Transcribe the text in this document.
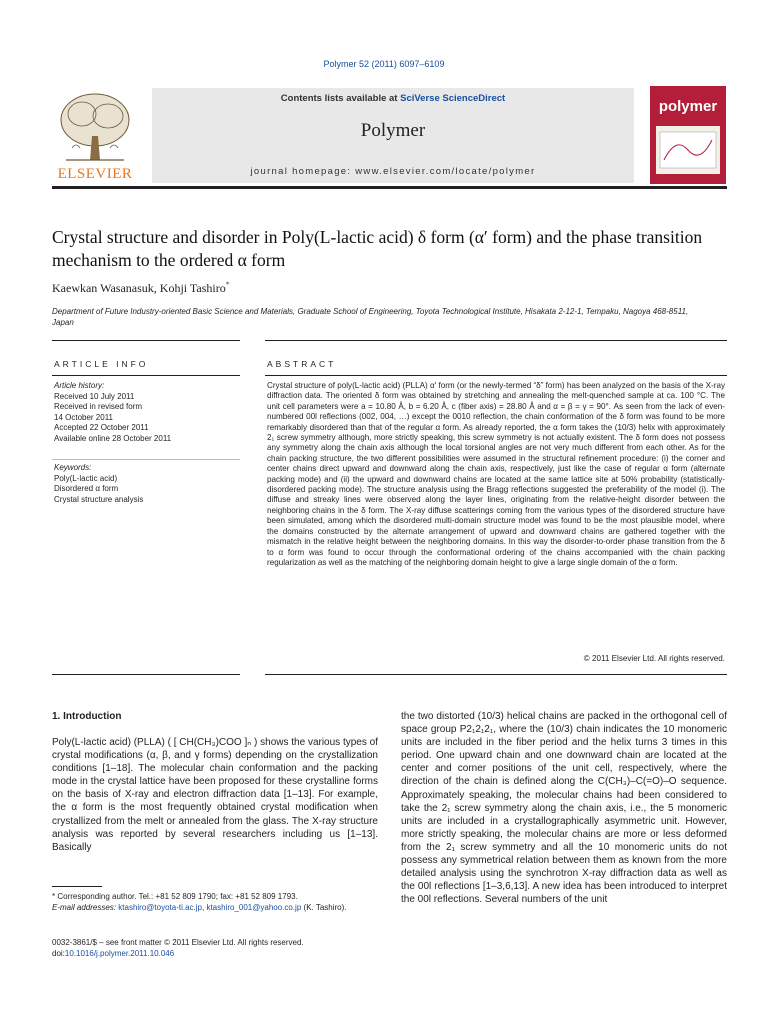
Polymer 52 (2011) 6097–6109
ELSEVIER
Contents lists available at SciVerse ScienceDirect
Polymer
journal homepage: www.elsevier.com/locate/polymer
polymer
Crystal structure and disorder in Poly(L-lactic acid) δ form (α′ form) and the phase transition mechanism to the ordered α form
Kaewkan Wasanasuk, Kohji Tashiro*
Department of Future Industry-oriented Basic Science and Materials, Graduate School of Engineering, Toyota Technological Institute, Hisakata 2-12-1, Tempaku, Nagoya 468-8511, Japan
ARTICLE INFO	ABSTRACT
Article history:
Received 10 July 2011
Received in revised form
14 October 2011
Accepted 22 October 2011
Available online 28 October 2011
Keywords:
Poly(L-lactic acid)
Disordered α form
Crystal structure analysis
Crystal structure of poly(L-lactic acid) (PLLA) α′ form (or the newly-termed “δ” form) has been analyzed on the basis of the X-ray diffraction data. The oriented δ form was obtained by stretching and annealing the melt-quenched sample at ca. 100 °C. The unit cell parameters were a = 10.80 Å, b = 6.20 Å, c (fiber axis) = 28.80 Å and α = β = γ = 90°. As seen from the lack of even-numbered 00l reflections (002, 004, …) except the 0010 reflection, the chain conformation of the δ form was found to be more remarkably disordered than that of the regular α form. As already reported, the α form takes the (10/3) helix with approximately 2₁ screw symmetry although, more strictly speaking, this screw symmetry is not actually existent. The δ form does not possess any symmetry along the chain axis although the local torsional angles are not very much different from each other. As for the chain packing structure, the two different possibilities were assumed in the structural refinement procedure: (i) the corner and center chains direct upward and downward along the chain axis, respectively, just like the case of regular α form (alternate packing mode) and (ii) the upward and downward chains are located at the same lattice site at 50% probability (statistically-disordered packing mode). The structure analysis using the Bragg reflections suggested the preferability of the model (i). The diffuse and streaky lines were observed along the layer lines, originating from the relative-height disorder between the neighboring chains in the δ form. The X-ray diffuse scatterings coming from the various types of the disordered structure have been simulated, among which the disordered multi-domain structure model was found to be the most plausible model, where the domains constructed by the alternate arrangement of upward and downward chains are gathered together with the mismatch in the relative height between the neighboring domains. In this way the disorder-to-order phase transition from the δ to α form was found to occur through the conformational ordering of the chains accompanied with the chain packing regularization as well as the matching of the neighboring domain height to give a large single domain of the α form.
© 2011 Elsevier Ltd. All rights reserved.
1. Introduction
Poly(L-lactic acid) (PLLA) ( [ CH(CH₃)COO ]ₙ ) shows the various types of crystal modifications (α, β, and γ forms) depending on the crystallization conditions [1–18]. The molecular chain conformation and the packing mode in the crystal lattice have been proposed for these crystalline forms on the basis of X-ray and electron diffraction data [1–13]. For example, the α form is the most frequently obtained crystal modification when crystallized from the melt or annealed from the glass. The X-ray structure analysis was reported by several researchers including us [1–13]. Basically
the two distorted (10/3) helical chains are packed in the orthogonal cell of space group P2₁2₁2₁, where the (10/3) chain indicates the 10 monomeric units are included in the fiber period and the helix turns 3 times in this period. One upward chain and one downward chain are located at the center and corner positions of the unit cell, respectively, where the direction of the chain is defined along the C(CH₃)–C(=O)–O sequence. Approximately speaking, the molecular chains had been considered to take the 2₁ screw symmetry along the chain axis, i.e., the 5 monomeric units are included in a crystallographically asymmetric unit. However, more strictly speaking, the molecular chains are more or less deformed from the 2₁ screw symmetry and all the 10 monomeric units do not possess any symmetrical relation between them as known from the more detailed analysis using the synchrotron X-ray diffraction data as well as the 00l reflections [1–3,6,13]. A new idea has been introduced to interpret the 00l reflections. Several numbers of the unit
* Corresponding author. Tel.: +81 52 809 1790; fax: +81 52 809 1793.
E-mail addresses: ktashiro@toyota-ti.ac.jp, ktashiro_001@yahoo.co.jp (K. Tashiro).
0032-3861/$ – see front matter © 2011 Elsevier Ltd. All rights reserved.
doi:10.1016/j.polymer.2011.10.046
